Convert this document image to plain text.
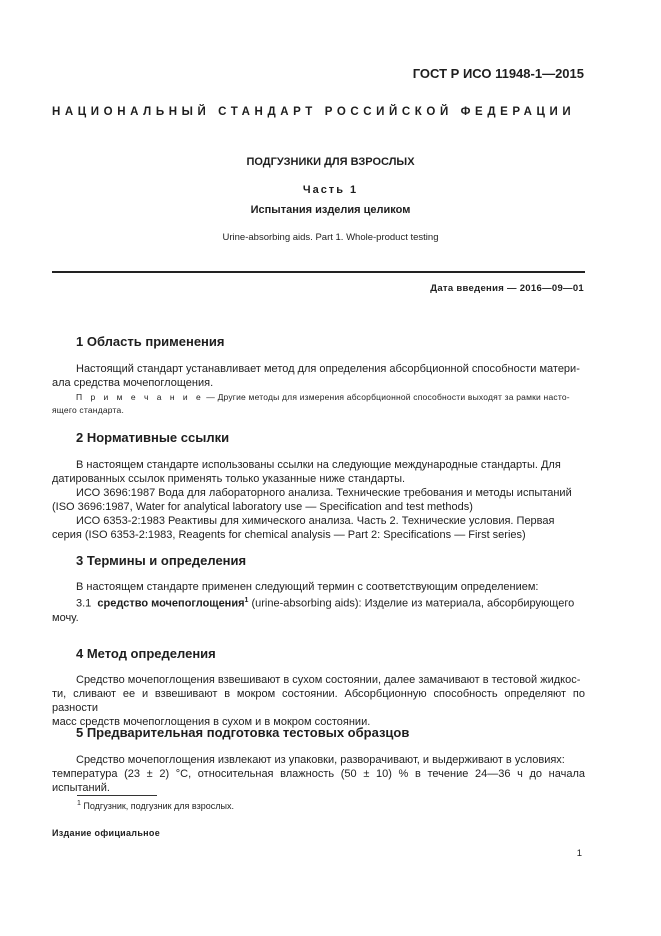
ГОСТ Р ИСО 11948-1—2015
НАЦИОНАЛЬНЫЙ СТАНДАРТ РОССИЙСКОЙ ФЕДЕРАЦИИ
ПОДГУЗНИКИ ДЛЯ ВЗРОСЛЫХ
Часть 1
Испытания изделия целиком
Urine-absorbing aids. Part 1. Whole-product testing
Дата введения — 2016—09—01
1 Область применения
Настоящий стандарт устанавливает метод для определения абсорбционной способности матери-
ала средства мочепоглощения.
П р и м е ч а н и е — Другие методы для измерения абсорбционной способности выходят за рамки насто-
ящего стандарта.
2 Нормативные ссылки
В настоящем стандарте использованы ссылки на следующие международные стандарты. Для
датированных ссылок применять только указанные ниже стандарты.
ИСО 3696:1987 Вода для лабораторного анализа. Технические требования и методы испытаний
(ISO 3696:1987, Water for analytical laboratory use — Specification and test methods)
ИСО 6353-2:1983 Реактивы для химического анализа. Часть 2. Технические условия. Первая
серия (ISO 6353-2:1983, Reagents for chemical analysis — Part 2: Specifications — First series)
3 Термины и определения
В настоящем стандарте применен следующий термин с соответствующим определением:
3.1 средство мочепоглощения$^1$ (urine-absorbing aids): Изделие из материала, абсорбирующего
мочу.
4 Метод определения
Средство мочепоглощения взвешивают в сухом состоянии, далее замачивают в тестовой жидкос-
ти, сливают ее и взвешивают в мокром состоянии. Абсорбционную способность определяют по разности
масс средств мочепоглощения в сухом и в мокром состоянии.
5 Предварительная подготовка тестовых образцов
Средство мочепоглощения извлекают из упаковки, разворачивают, и выдерживают в условиях:
температура (23 ± 2) °С, относительная влажность (50 ± 10) % в течение 24—36 ч до начала испытаний.
$^1$ Подгузник, подгузник для взрослых.
Издание официальное
1
